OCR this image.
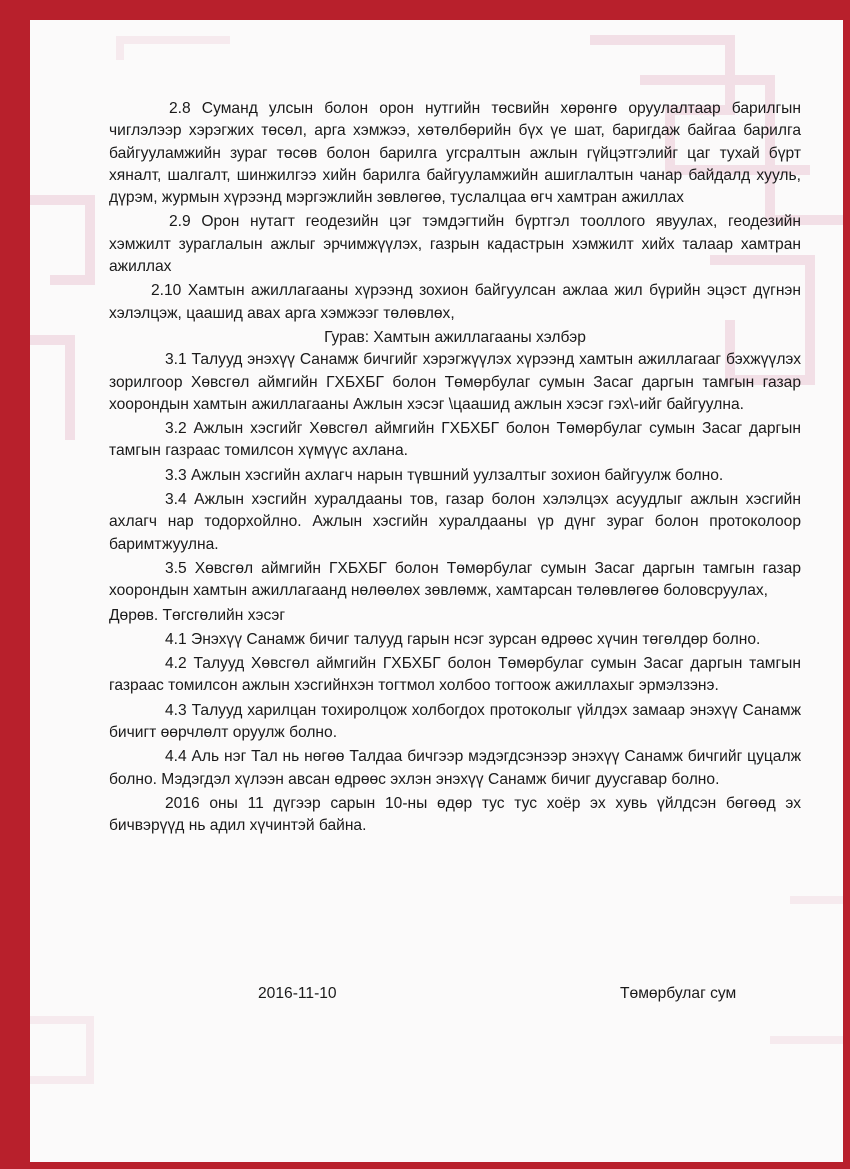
2.8 Суманд улсын болон орон нутгийн төсвийн хөрөнгө оруулалтаар барилгын чиглэлээр хэрэгжих төсөл, арга хэмжээ, хөтөлбөрийн бүх үе шат, баригдаж байгаа барилга байгууламжийн зураг төсөв болон барилга угсралтын ажлын гүйцэтгэлийг цаг тухай бүрт хяналт, шалгалт, шинжилгээ хийн барилга байгууламжийн ашиглалтын чанар байдалд хууль, дүрэм, журмын хүрээнд мэргэжлийн зөвлөгөө, туслалцаа өгч хамтран ажиллах

2.9 Орон нутагт геодезийн цэг тэмдэгтийн бүртгэл тооллого явуулах, геодезийн хэмжилт зураглалын ажлыг эрчимжүүлэх, газрын кадастрын хэмжилт хийх талаар хамтран ажиллах

2.10 Хамтын ажиллагааны хүрээнд зохион байгуулсан ажлаа жил бүрийн эцэст дүгнэн хэлэлцэж, цаашид авах арга хэмжээг төлөвлөх,

Гурав: Хамтын ажиллагааны хэлбэр

3.1 Талууд энэхүү Санамж бичгийг хэрэгжүүлэх хүрээнд хамтын ажиллагааг бэхжүүлэх зорилгоор Хөвсгөл аймгийн ГХБХБГ болон Төмөрбулаг сумын Засаг даргын тамгын газар хоорондын хамтын ажиллагааны Ажлын хэсэг \цаашид ажлын хэсэг гэх\-ийг байгуулна.

3.2 Ажлын хэсгийг Хөвсгөл аймгийн ГХБХБГ болон Төмөрбулаг сумын Засаг даргын тамгын газраас томилсон хүмүүс ахлана.

3.3 Ажлын хэсгийн ахлагч нарын түвшний уулзалтыг зохион байгуулж болно.

3.4 Ажлын хэсгийн хуралдааны тов, газар болон хэлэлцэх асуудлыг ажлын хэсгийн ахлагч нар тодорхойлно. Ажлын хэсгийн хуралдааны үр дүнг зураг болон протоколоор баримтжуулна.

3.5 Хөвсгөл аймгийн ГХБХБГ болон Төмөрбулаг сумын Засаг даргын тамгын газар хоорондын хамтын ажиллагаанд нөлөөлөх зөвлөмж, хамтарсан төлөвлөгөө боловсруулах,

Дөрөв. Төгсгөлийн хэсэг

4.1 Энэхүү Санамж бичиг талууд гарын нсэг зурсан өдрөөс хүчин төгөлдөр болно.

4.2 Талууд Хөвсгөл аймгийн ГХБХБГ болон Төмөрбулаг сумын Засаг даргын тамгын газраас томилсон ажлын хэсгийнхэн тогтмол холбоо тогтоож ажиллахыг эрмэлзэнэ.

4.3 Талууд харилцан тохиролцож холбогдох протоколыг үйлдэх замаар энэхүү Санамж бичигт өөрчлөлт оруулж болно.

4.4 Аль нэг Тал нь нөгөө Талдаа бичгээр мэдэгдсэнээр энэхүү Санамж бичгийг цуцалж болно. Мэдэгдэл хүлээн авсан өдрөөс эхлэн энэхүү Санамж бичиг дуусгавар болно.

2016 оны 11 дүгээр сарын 10-ны өдөр тус тус хоёр эх хувь үйлдсэн бөгөөд эх бичвэрүүд нь адил хүчинтэй байна.

2016-11-10	Төмөрбулаг сум
